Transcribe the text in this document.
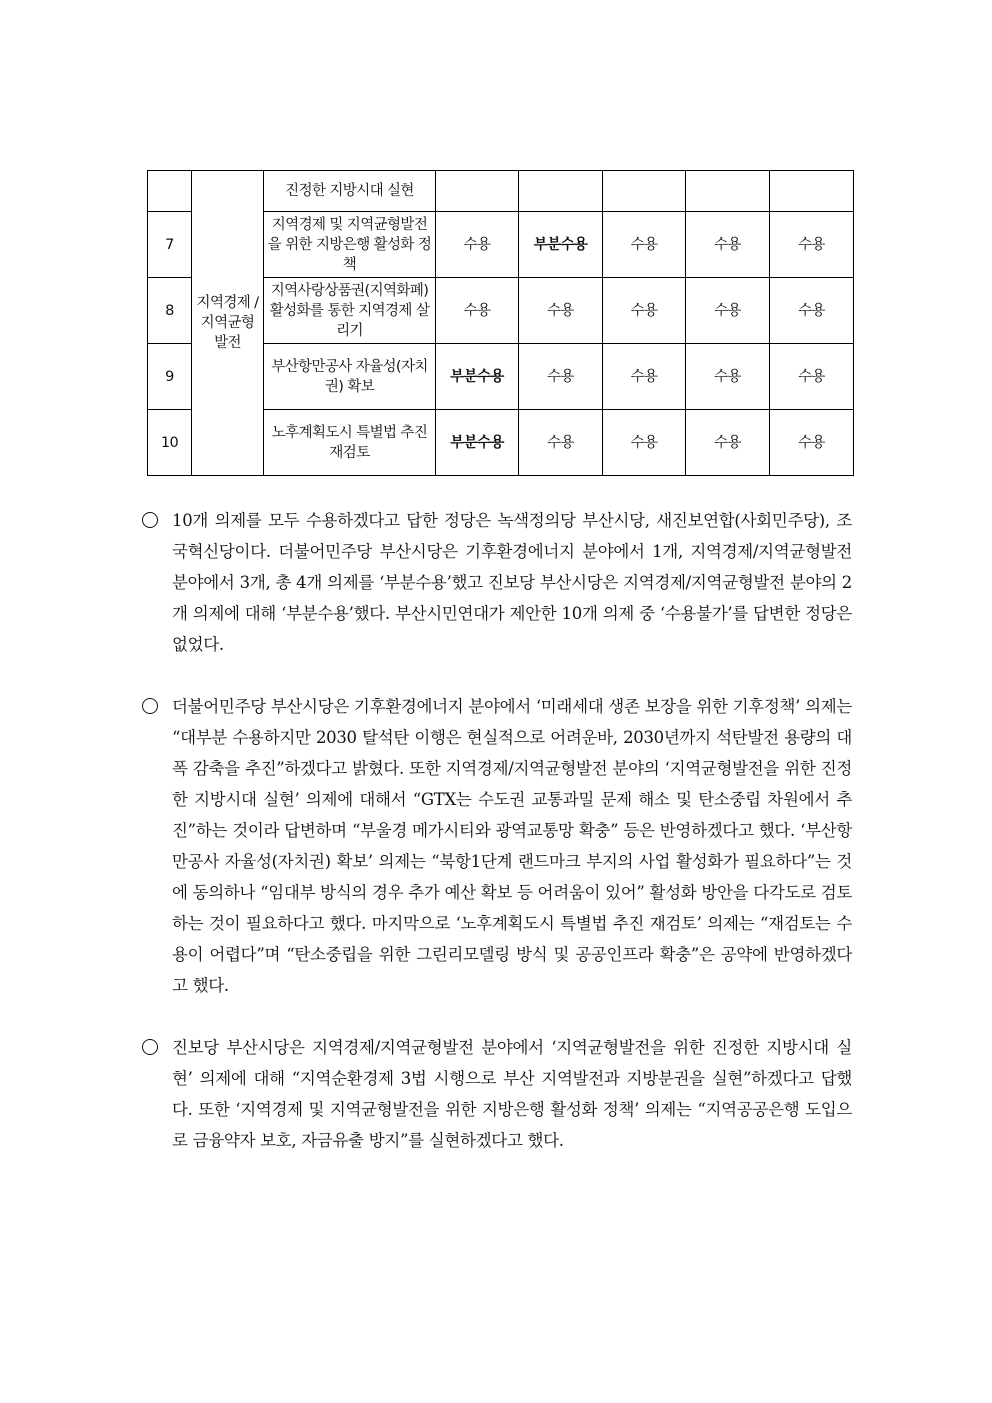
	지역경제 / 지역균형 발전	진정한 지방시대 실현					
7		지역경제 및 지역균형발전을 위한 지방은행 활성화 정책	수용	부분수용	수용	수용	수용
8		지역사랑상품권(지역화폐) 활성화를 통한 지역경제 살리기	수용	수용	수용	수용	수용
9		부산항만공사 자율성(자치권) 확보	부분수용	수용	수용	수용	수용
10		노후계획도시 특별법 추진 재검토	부분수용	수용	수용	수용	수용
10개 의제를 모두 수용하겠다고 답한 정당은 녹색정의당 부산시당, 새진보연합(사회민주당), 조국혁신당이다. 더불어민주당 부산시당은 기후환경에너지 분야에서 1개, 지역경제/지역균형발전 분야에서 3개, 총 4개 의제를 ‘부분수용’했고 진보당 부산시당은 지역경제/지역균형발전 분야의 2개 의제에 대해 ‘부분수용’했다. 부산시민연대가 제안한 10개 의제 중 ‘수용불가’를 답변한 정당은 없었다.
더불어민주당 부산시당은 기후환경에너지 분야에서 ‘미래세대 생존 보장을 위한 기후정책’ 의제는 “대부분 수용하지만 2030 탈석탄 이행은 현실적으로 어려운바, 2030년까지 석탄발전 용량의 대폭 감축을 추진”하겠다고 밝혔다. 또한 지역경제/지역균형발전 분야의 ‘지역균형발전을 위한 진정한 지방시대 실현’ 의제에 대해서 “GTX는 수도권 교통과밀 문제 해소 및 탄소중립 차원에서 추진”하는 것이라 답변하며 “부울경 메가시티와 광역교통망 확충” 등은 반영하겠다고 했다. ‘부산항만공사 자율성(자치권) 확보’ 의제는 “북항1단계 랜드마크 부지의 사업 활성화가 필요하다”는 것에 동의하나 “임대부 방식의 경우 추가 예산 확보 등 어려움이 있어” 활성화 방안을 다각도로 검토하는 것이 필요하다고 했다. 마지막으로 ‘노후계획도시 특별법 추진 재검토’ 의제는 “재검토는 수용이 어렵다”며 “탄소중립을 위한 그린리모델링 방식 및 공공인프라 확충”은 공약에 반영하겠다고 했다.
진보당 부산시당은 지역경제/지역균형발전 분야에서 ‘지역균형발전을 위한 진정한 지방시대 실현’ 의제에 대해 “지역순환경제 3법 시행으로 부산 지역발전과 지방분권을 실현”하겠다고 답했다. 또한 ‘지역경제 및 지역균형발전을 위한 지방은행 활성화 정책’ 의제는 “지역공공은행 도입으로 금융약자 보호, 자금유출 방지”를 실현하겠다고 했다.
